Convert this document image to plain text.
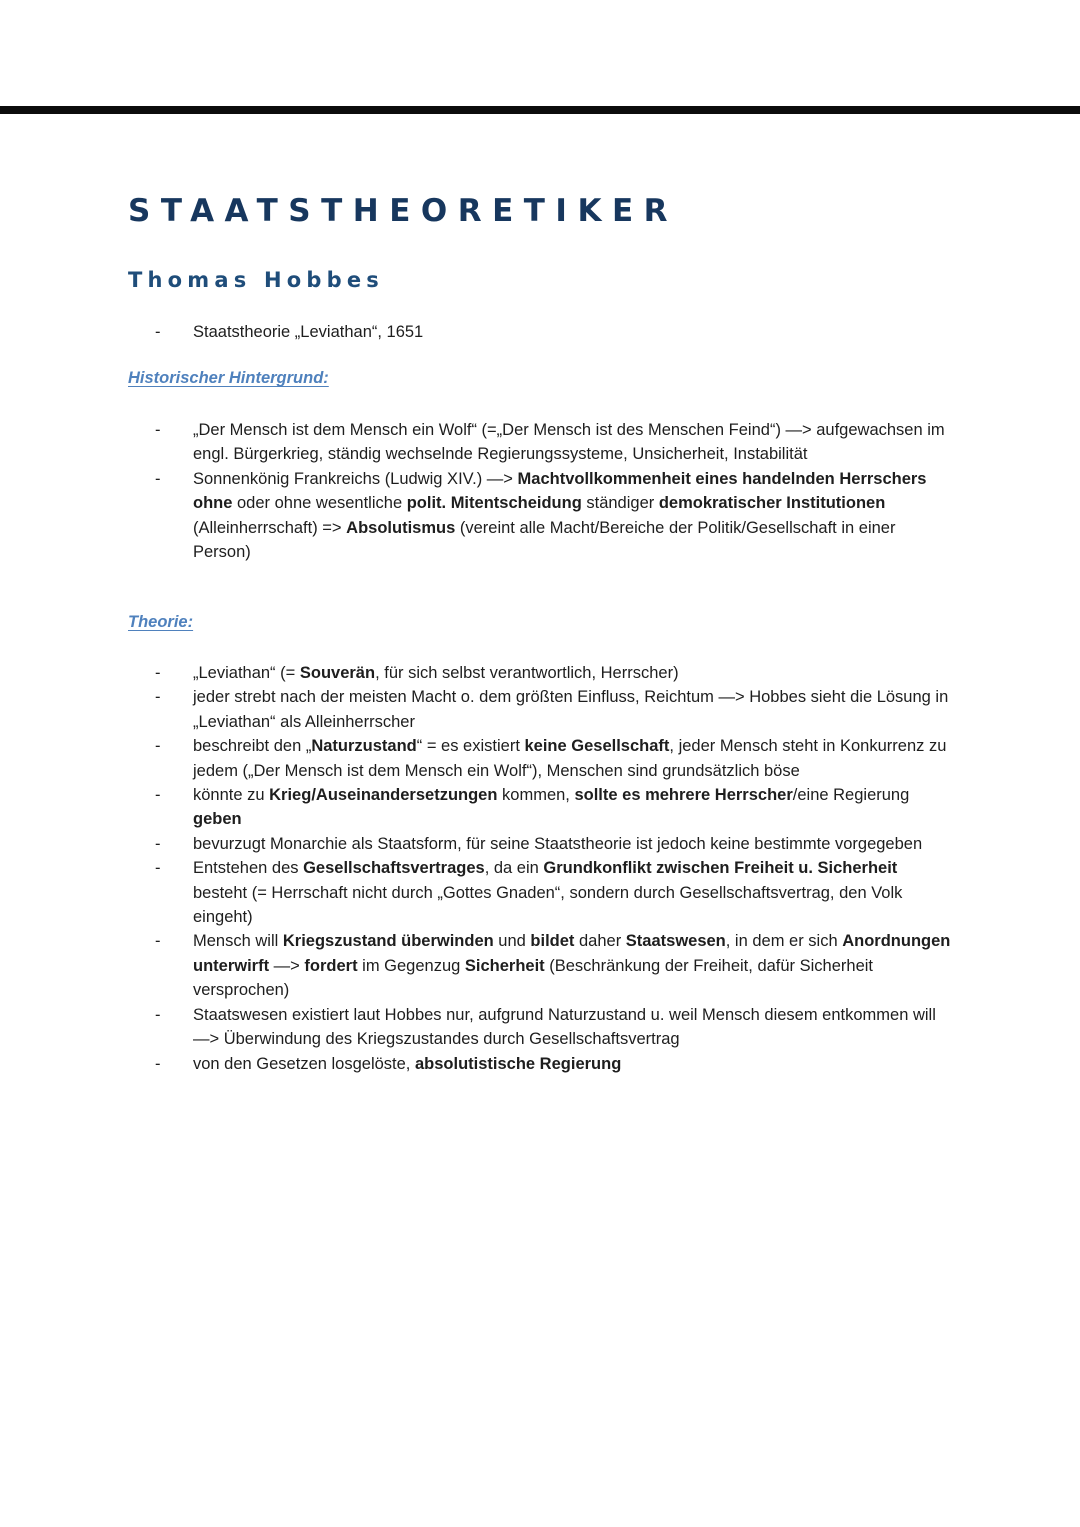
STAATSTHEORETIKER
Thomas Hobbes
- Staatstheorie „Leviathan“, 1651
Historischer Hintergrund:
- „Der Mensch ist dem Mensch ein Wolf“ (=„Der Mensch ist des Menschen Feind“) —> aufgewachsen im engl. Bürgerkrieg, ständig wechselnde Regierungssysteme, Unsicherheit, Instabilität
- Sonnenkönig Frankreichs (Ludwig XIV.) —> Machtvollkommenheit eines handelnden Herrschers ohne oder ohne wesentliche polit. Mitentscheidung ständiger demokratischer Institutionen (Alleinherrschaft) => Absolutismus (vereint alle Macht/Bereiche der Politik/Gesellschaft in einer Person)
Theorie:
- „Leviathan“ (= Souverän, für sich selbst verantwortlich, Herrscher)
- jeder strebt nach der meisten Macht o. dem größten Einfluss, Reichtum —> Hobbes sieht die Lösung in „Leviathan“ als Alleinherrscher
- beschreibt den „Naturzustand“ = es existiert keine Gesellschaft, jeder Mensch steht in Konkurrenz zu jedem („Der Mensch ist dem Mensch ein Wolf“), Menschen sind grundsätzlich böse
- könnte zu Krieg/Auseinandersetzungen kommen, sollte es mehrere Herrscher/eine Regierung geben
- bevurzugt Monarchie als Staatsform, für seine Staatstheorie ist jedoch keine bestimmte vorgegeben
- Entstehen des Gesellschaftsvertrages, da ein Grundkonflikt zwischen Freiheit u. Sicherheit besteht (= Herrschaft nicht durch „Gottes Gnaden“, sondern durch Gesellschaftsvertrag, den Volk eingeht)
- Mensch will Kriegszustand überwinden und bildet daher Staatswesen, in dem er sich Anordnungen unterwirft —> fordert im Gegenzug Sicherheit (Beschränkung der Freiheit, dafür Sicherheit versprochen)
- Staatswesen existiert laut Hobbes nur, aufgrund Naturzustand u. weil Mensch diesem entkommen will —> Überwindung des Kriegszustandes durch Gesellschaftsvertrag
- von den Gesetzen losgelöste, absolutistische Regierung
